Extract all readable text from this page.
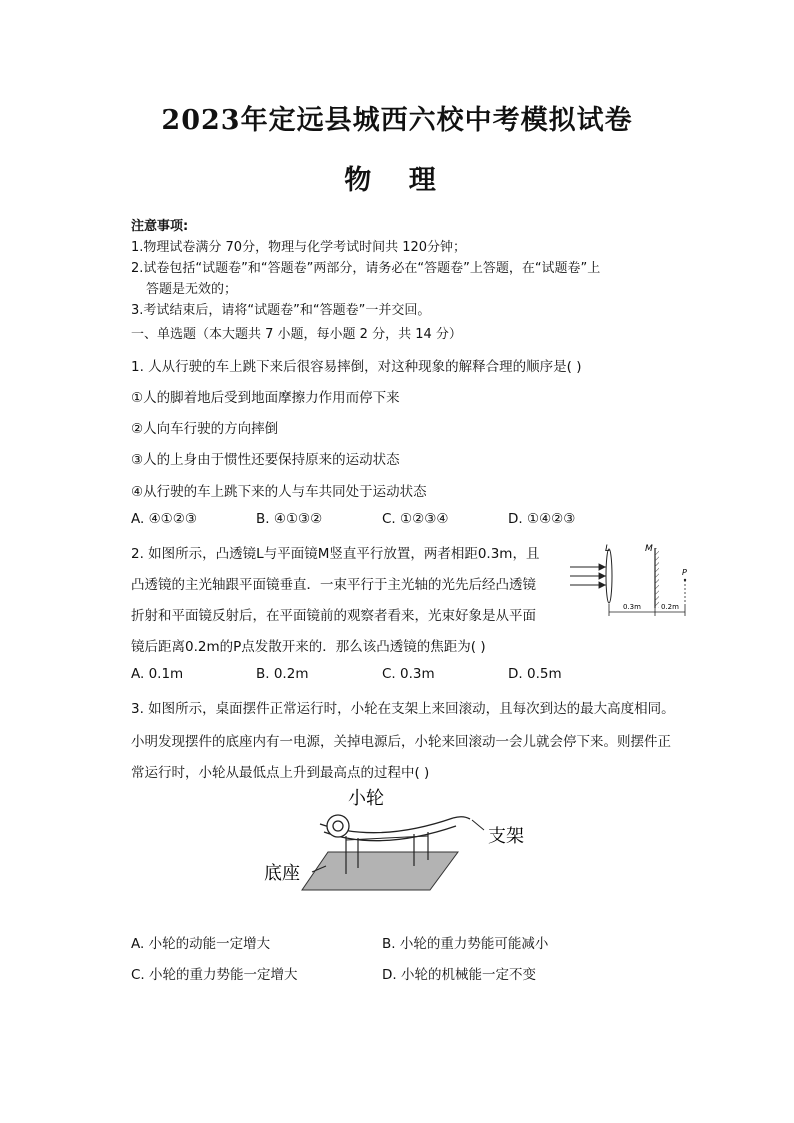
2023年定远县城西六校中考模拟试卷
物 理
注意事项:
1.物理试卷满分 70分，物理与化学考试时间共 120分钟；
2.试卷包括“试题卷”和“答题卷”两部分，请务必在“答题卷”上答题，在“试题卷”上
答题是无效的；
3.考试结束后，请将“试题卷”和“答题卷”一并交回。
一、单选题（本大题共 7 小题，每小题 2 分，共 14 分）
1. 人从行驶的车上跳下来后很容易摔倒，对这种现象的解释合理的顺序是( )
①人的脚着地后受到地面摩擦力作用而停下来
②人向车行驶的方向摔倒
③人的上身由于惯性还要保持原来的运动状态
④从行驶的车上跳下来的人与车共同处于运动状态
A. ④①②③	B. ④①③②	C. ①②③④	D. ①④②③
2. 如图所示，凸透镜L与平面镜M竖直平行放置，两者相距0.3m，且
凸透镜的主光轴跟平面镜垂直．一束平行于主光轴的光先后经凸透镜
折射和平面镜反射后，在平面镜前的观察者看来，光束好象是从平面
镜后距离0.2m的P点发散开来的．那么该凸透镜的焦距为( )
A. 0.1m	B. 0.2m	C. 0.3m	D. 0.5m
L	M
P
0.3m	0.2m
3. 如图所示，桌面摆件正常运行时，小轮在支架上来回滚动，且每次到达的最大高度相同。
小明发现摆件的底座内有一电源，关掉电源后，小轮来回滚动一会儿就会停下来。则摆件正
常运行时，小轮从最低点上升到最高点的过程中( )
小轮
支架
底座
A. 小轮的动能一定增大	B. 小轮的重力势能可能减小
C. 小轮的重力势能一定增大	D. 小轮的机械能一定不变
